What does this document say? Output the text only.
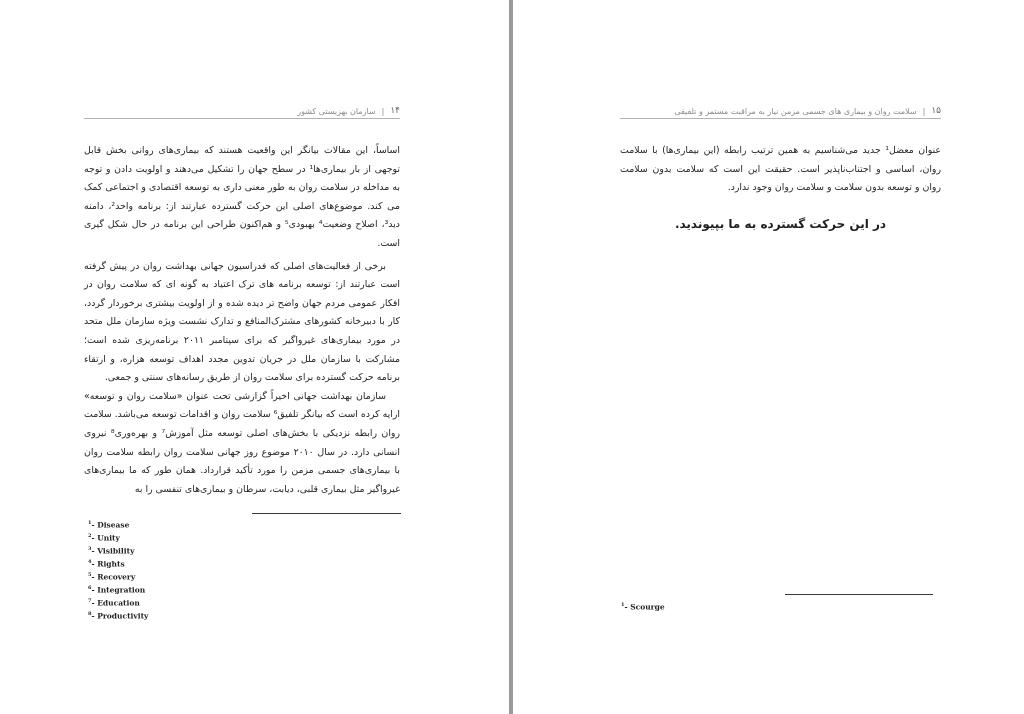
۱۴
|
سازمان بهزیستی کشور

اساساً، این مقالات بیانگر این واقعیت هستند که بیماری‌های روانی بخش قابل توجهی از بار بیماری‌ها¹ در سطح جهان را تشکیل می‌دهند و اولویت دادن و توجه به مداخله در سلامت روان به طور معنی داری به توسعه اقتصادی و اجتماعی کمک می کند. موضوع‌های اصلی این حرکت گسترده عبارتند از: برنامه واحد²، دامنه دید³، اصلاح وضعیت⁴ بهبودی⁵ و هم‌اکنون طراحی این برنامه در حال شکل گیری است.

برخی از فعالیت‌های اصلی که فدراسیون جهانی بهداشت روان در پیش گرفته است عبارتند از: توسعه برنامه های ترک اعتیاد به گونه ای که سلامت روان در افکار عمومی مردم جهان واضح تر دیده شده و از اولویت بیشتری برخوردار گردد، کار با دبیرخانه کشورهای مشترک‌المنافع و تدارک نشست ویژه سازمان ملل متحد در مورد بیماری‌های غیرواگیر که برای سپتامبر ۲۰۱۱ برنامه‌ریزی شده است؛ مشارکت با سازمان ملل در جریان تدوین مجدد اهداف توسعه هزاره، و ارتقاء برنامه حرکت گسترده برای سلامت روان از طریق رسانه‌های سنتی و جمعی.

سازمان بهداشت جهانی اخیراً گزارشی تحت عنوان «سلامت روان و توسعه» ارایه کرده است که بیانگر تلفیق⁶ سلامت روان و اقدامات توسعه می‌باشد. سلامت روان رابطه نزدیکی با بخش‌های اصلی توسعه مثل آموزش⁷ و بهره‌وری⁸ نیروی انسانی دارد. در سال ۲۰۱۰ موضوع روز جهانی سلامت روان رابطه سلامت روان با بیماری‌های جسمی مزمن را مورد تأکید قرارداد. همان طور که ما بیماری‌های غیرواگیر مثل بیماری قلبی، دیابت، سرطان و بیماری‌های تنفسی را به

$^1$- Disease
$^2$- Unity
$^3$- Visibility
$^4$- Rights
$^5$- Recovery
$^6$- Integration
$^7$- Education
$^8$- Productivity
۱۵
|
سلامت روان و بیماری های جسمی مزمن نیاز به مراقبت مستمر و تلفیقی

عنوان معضل¹ جدید می‌شناسیم به همین ترتیب رابطه (این بیماری‌ها) با سلامت روان، اساسی و اجتناب‌ناپذیر است. حقیقت این است که سلامت بدون سلامت روان و توسعه بدون سلامت و سلامت روان وجود ندارد.

در این حرکت گسترده به ما بپیوندید.
$^1$- Scourge
